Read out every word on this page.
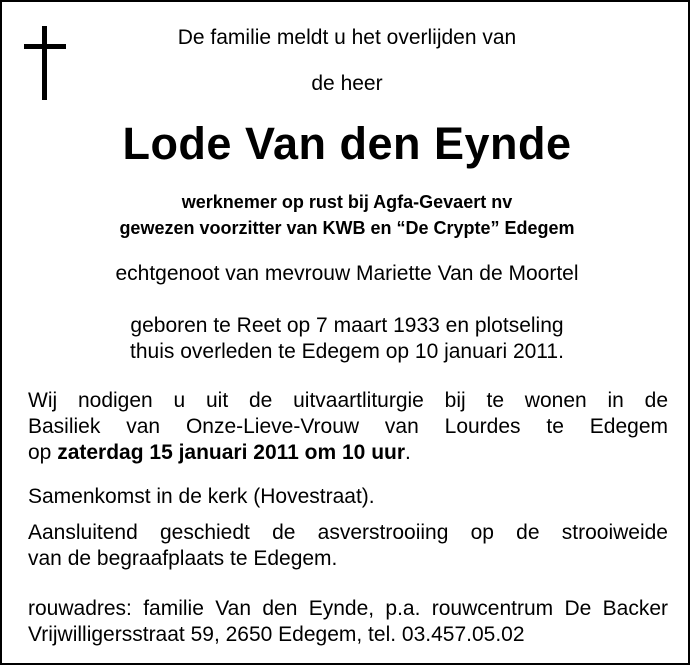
De familie meldt u het overlijden van
de heer
Lode Van den Eynde
werknemer op rust bij Agfa-Gevaert nv
gewezen voorzitter van KWB en “De Crypte” Edegem
echtgenoot van mevrouw Mariette Van de Moortel
geboren te Reet op 7 maart 1933 en plotseling
thuis overleden te Edegem op 10 januari 2011.
Wij nodigen u uit de uitvaartliturgie bij te wonen in de
Basiliek van Onze-Lieve-Vrouw van Lourdes te Edegem
op zaterdag 15 januari 2011 om 10 uur.
Samenkomst in de kerk (Hovestraat).
Aansluitend geschiedt de asverstrooiing op de strooiweide
van de begraafplaats te Edegem.
rouwadres: familie Van den Eynde, p.a. rouwcentrum De Backer
Vrijwilligersstraat 59, 2650 Edegem, tel. 03.457.05.02
